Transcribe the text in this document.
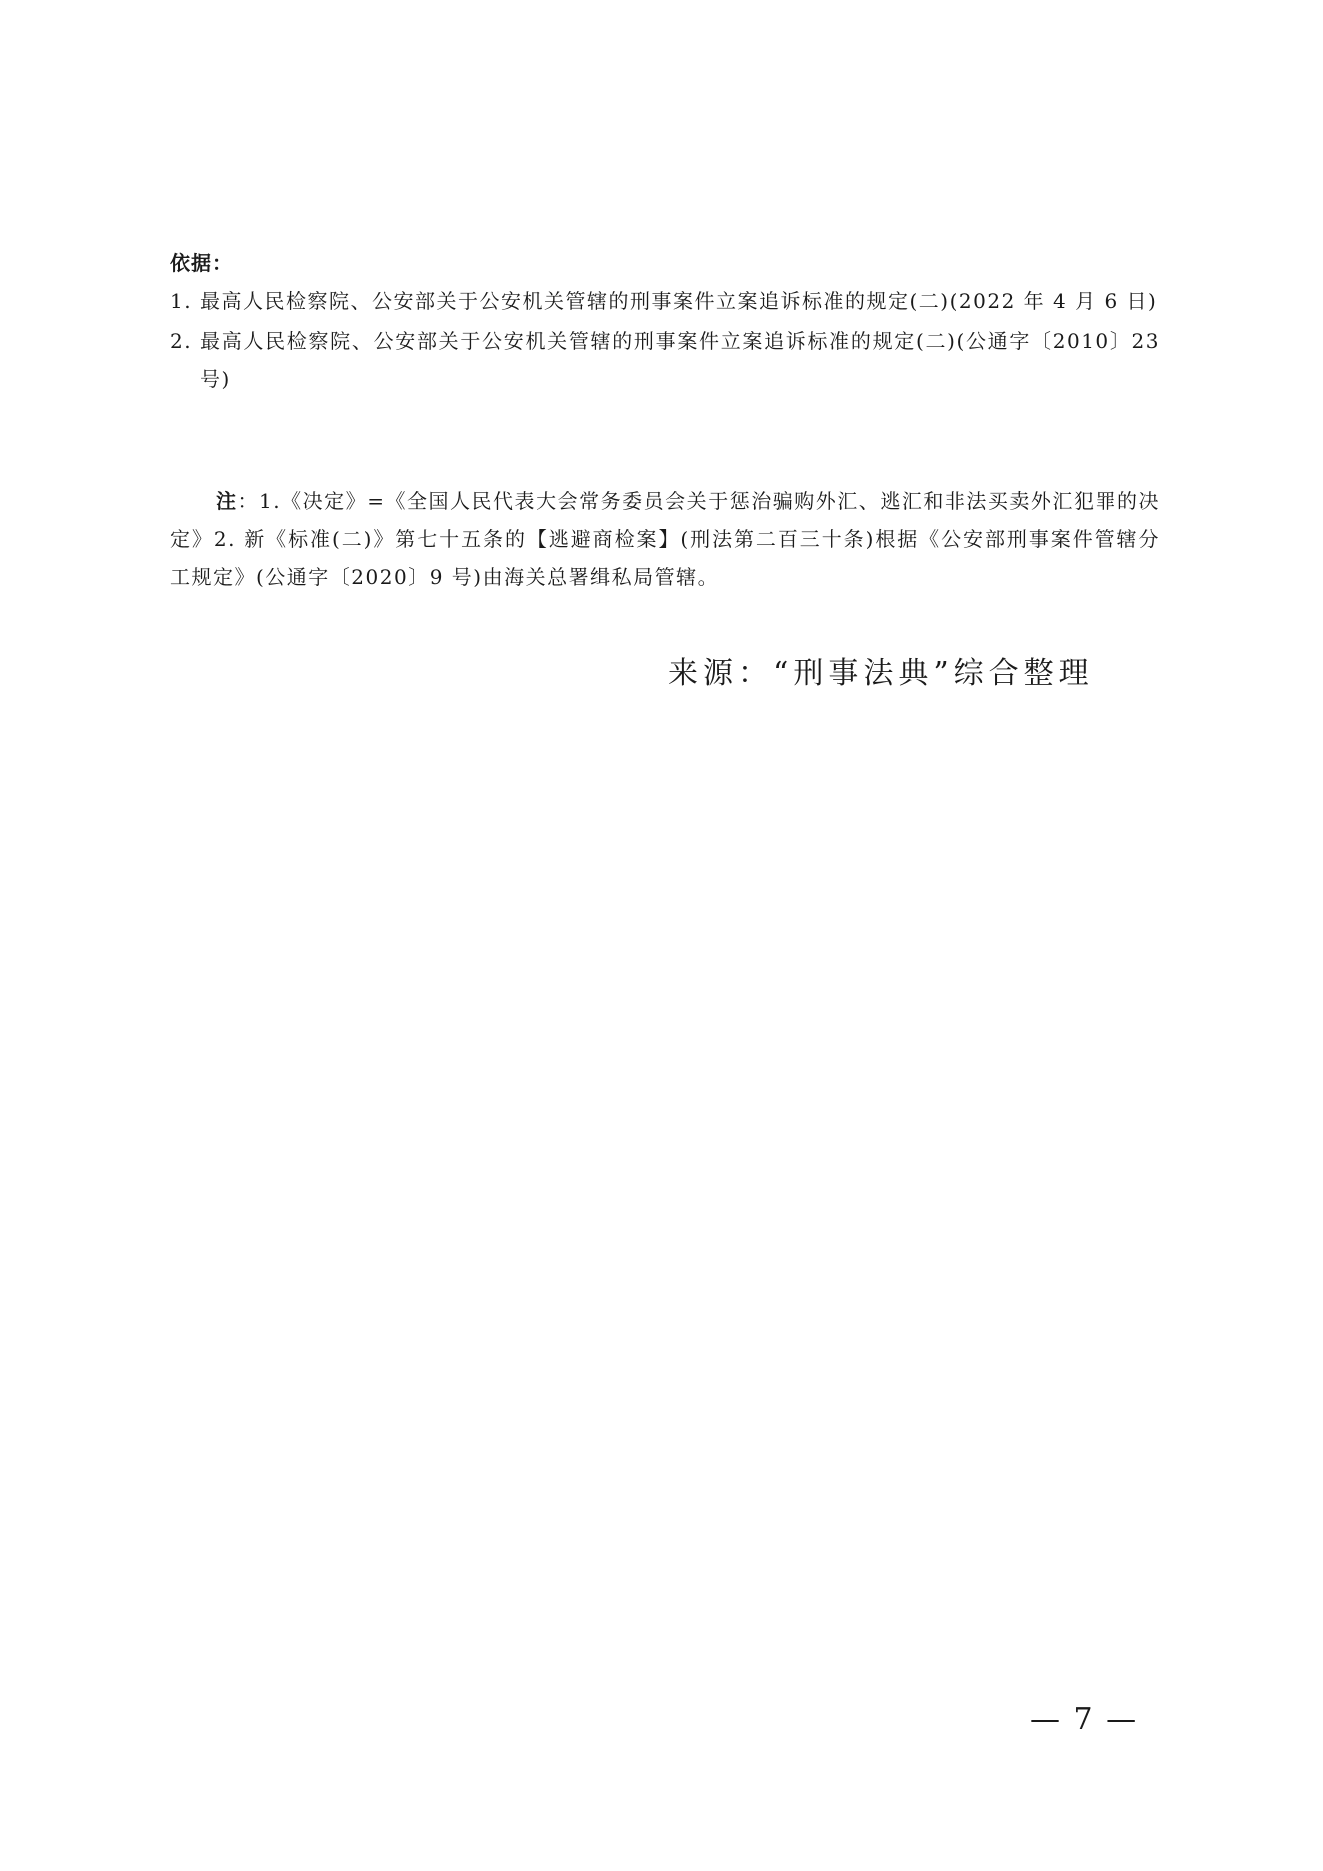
依据：
1. 最高人民检察院、公安部关于公安机关管辖的刑事案件立案追诉标准的规定(二)(2022 年 4 月 6 日)
2. 最高人民检察院、公安部关于公安机关管辖的刑事案件立案追诉标准的规定(二)(公通字〔2010〕23 号)

注：1.《决定》=《全国人民代表大会常务委员会关于惩治骗购外汇、逃汇和非法买卖外汇犯罪的决定》2. 新《标准(二)》第七十五条的【逃避商检案】(刑法第二百三十条)根据《公安部刑事案件管辖分工规定》(公通字〔2020〕9 号)由海关总署缉私局管辖。

来源：“刑事法典”综合整理
— 7 —
